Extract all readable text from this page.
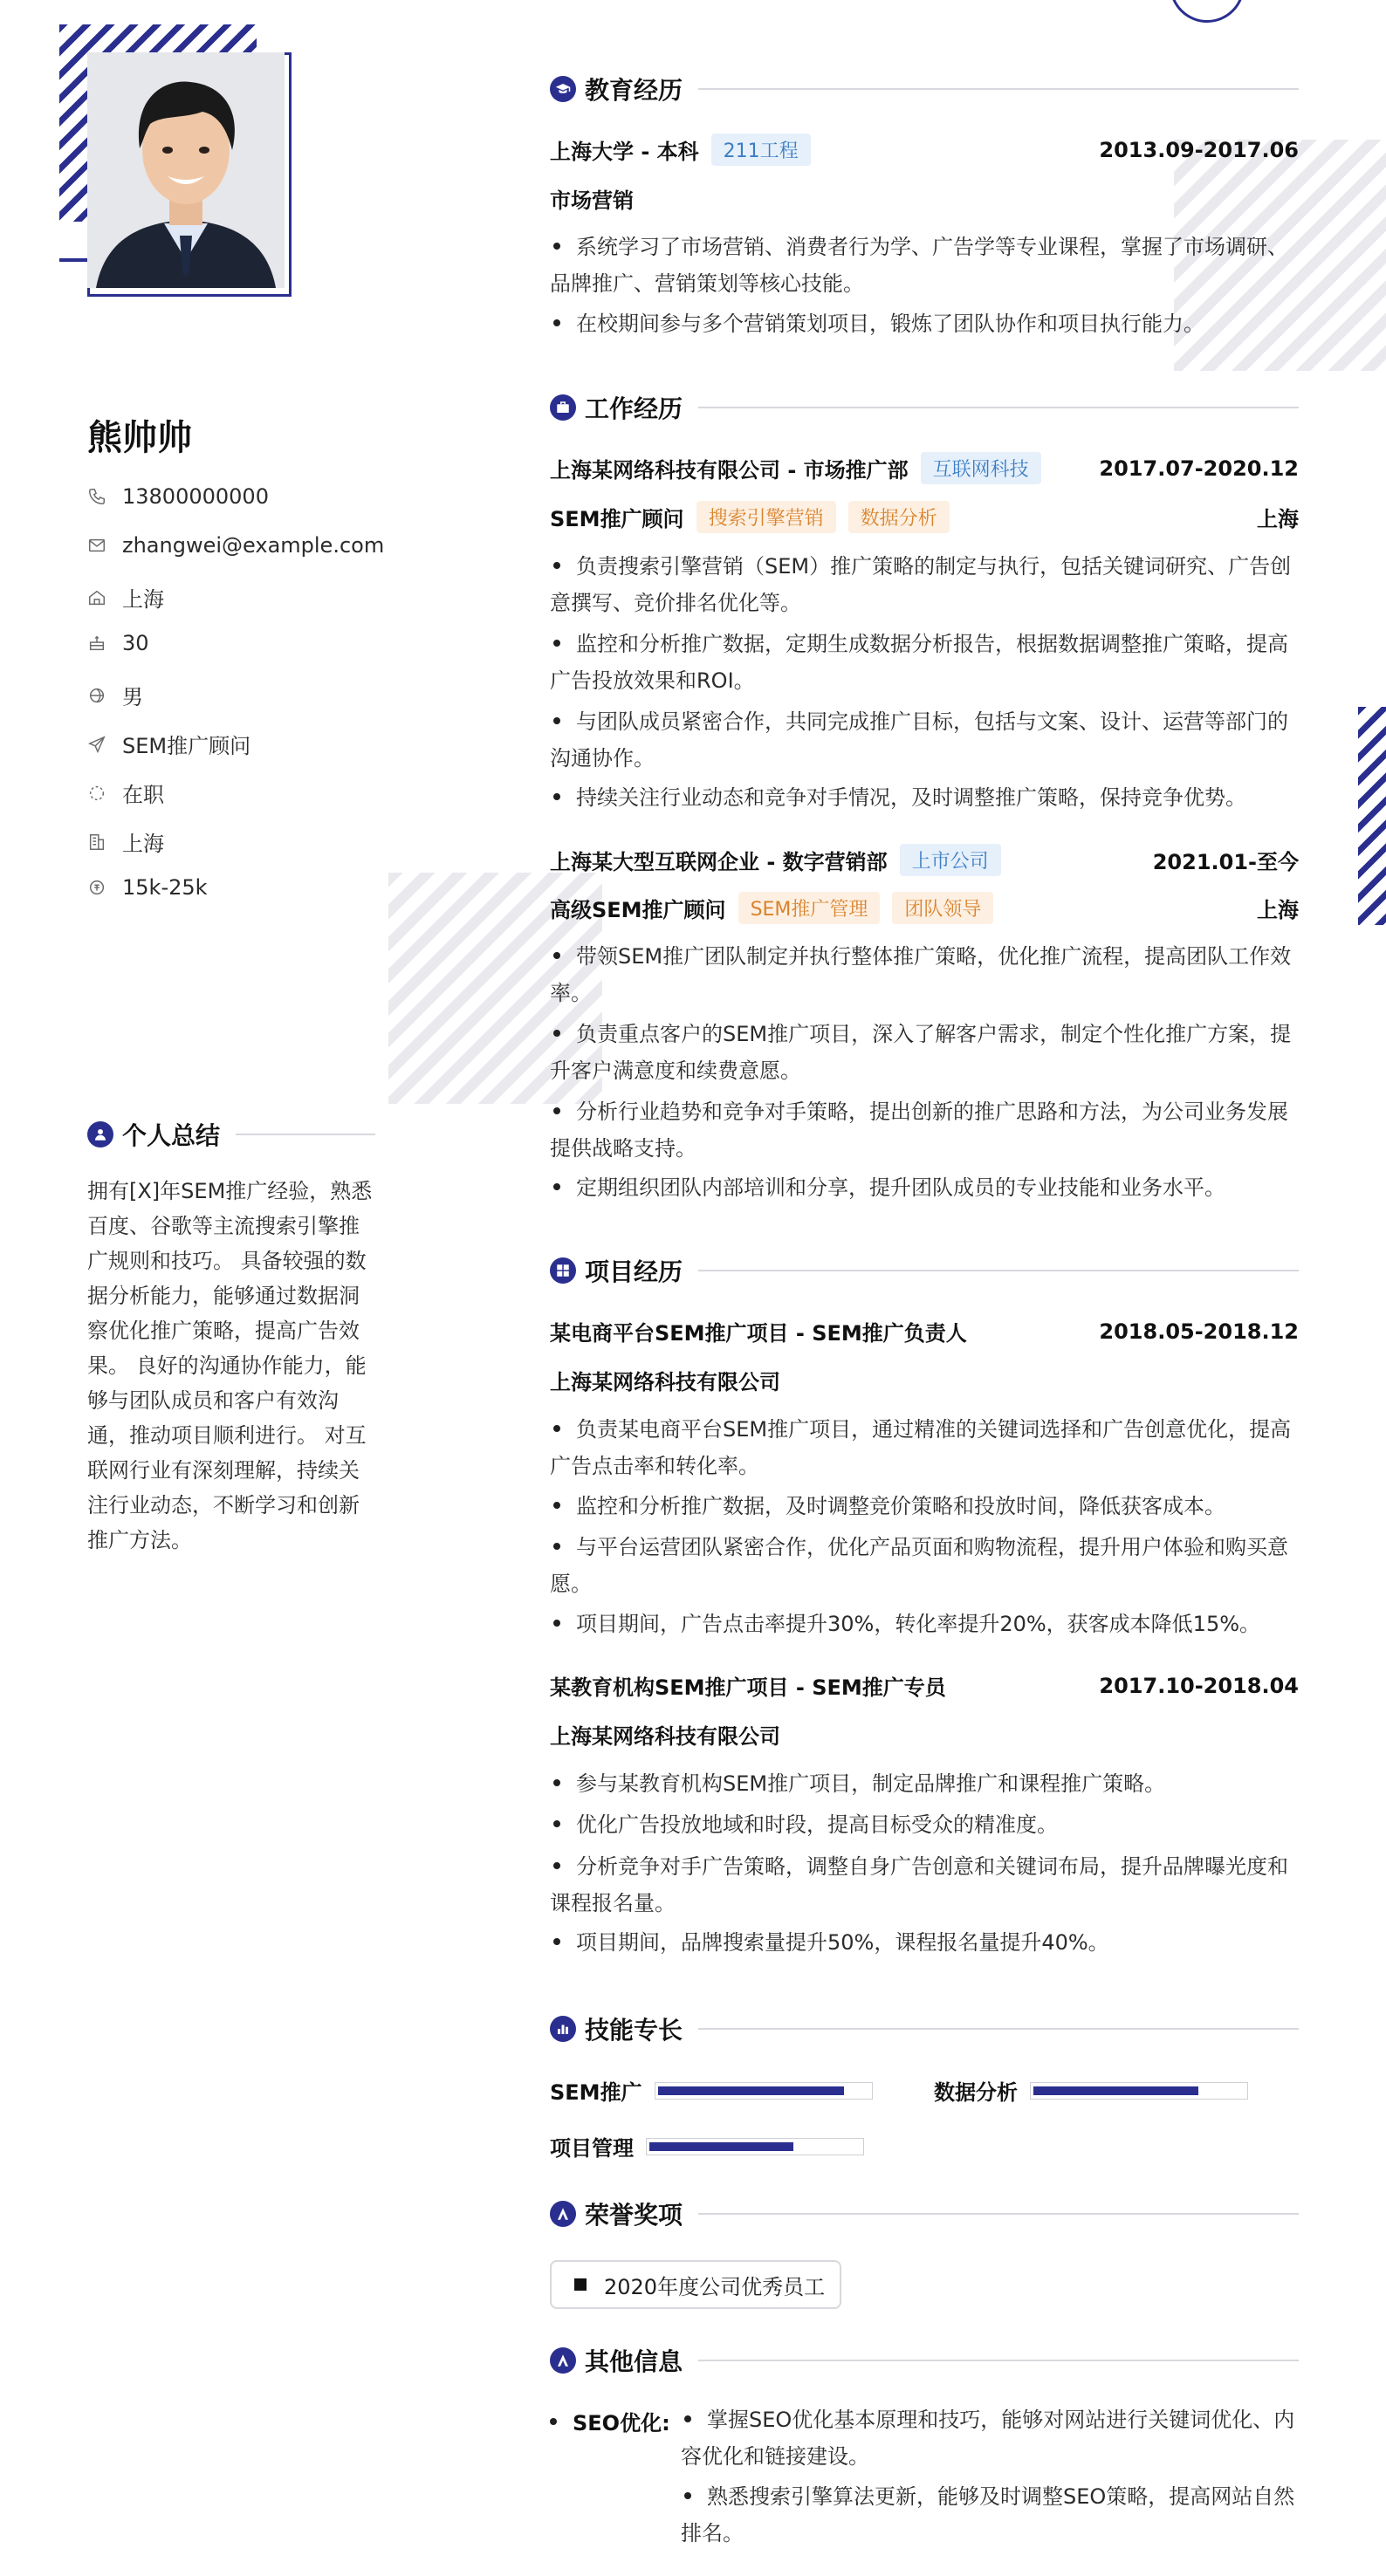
熊帅帅
13800000000
zhangwei@example.com
上海
30
男
SEM推广顾问
在职
上海
15k-25k
个人总结
拥有[X]年SEM推广经验，熟悉百度、谷歌等主流搜索引擎推广规则和技巧。 具备较强的数据分析能力，能够通过数据洞察优化推广策略，提高广告效果。 良好的沟通协作能力，能够与团队成员和客户有效沟通，推动项目顺利进行。 对互联网行业有深刻理解，持续关注行业动态，不断学习和创新推广方法。
教育经历
上海大学 - 本科	211工程	2013.09-2017.06
市场营销
系统学习了市场营销、消费者行为学、广告学等专业课程，掌握了市场调研、品牌推广、营销策划等核心技能。
在校期间参与多个营销策划项目，锻炼了团队协作和项目执行能力。
工作经历
上海某网络科技有限公司 - 市场推广部	互联网科技	2017.07-2020.12
SEM推广顾问	搜索引擎营销	数据分析	上海
负责搜索引擎营销（SEM）推广策略的制定与执行，包括关键词研究、广告创意撰写、竞价排名优化等。
监控和分析推广数据，定期生成数据分析报告，根据数据调整推广策略，提高广告投放效果和ROI。
与团队成员紧密合作，共同完成推广目标，包括与文案、设计、运营等部门的沟通协作。
持续关注行业动态和竞争对手情况，及时调整推广策略，保持竞争优势。
上海某大型互联网企业 - 数字营销部	上市公司	2021.01-至今
高级SEM推广顾问	SEM推广管理	团队领导	上海
带领SEM推广团队制定并执行整体推广策略，优化推广流程，提高团队工作效率。
负责重点客户的SEM推广项目，深入了解客户需求，制定个性化推广方案，提升客户满意度和续费意愿。
分析行业趋势和竞争对手策略，提出创新的推广思路和方法，为公司业务发展提供战略支持。
定期组织团队内部培训和分享，提升团队成员的专业技能和业务水平。
项目经历
某电商平台SEM推广项目 - SEM推广负责人	2018.05-2018.12
上海某网络科技有限公司
负责某电商平台SEM推广项目，通过精准的关键词选择和广告创意优化，提高广告点击率和转化率。
监控和分析推广数据，及时调整竞价策略和投放时间，降低获客成本。
与平台运营团队紧密合作，优化产品页面和购物流程，提升用户体验和购买意愿。
项目期间，广告点击率提升30%，转化率提升20%，获客成本降低15%。
某教育机构SEM推广项目 - SEM推广专员	2017.10-2018.04
上海某网络科技有限公司
参与某教育机构SEM推广项目，制定品牌推广和课程推广策略。
优化广告投放地域和时段，提高目标受众的精准度。
分析竞争对手广告策略，调整自身广告创意和关键词布局，提升品牌曝光度和课程报名量。
项目期间，品牌搜索量提升50%，课程报名量提升40%。
技能专长
SEM推广	数据分析
项目管理
荣誉奖项
2020年度公司优秀员工
其他信息
SEO优化:	掌握SEO优化基本原理和技巧，能够对网站进行关键词优化、内容优化和链接建设。
熟悉搜索引擎算法更新，能够及时调整SEO策略，提高网站自然排名。
